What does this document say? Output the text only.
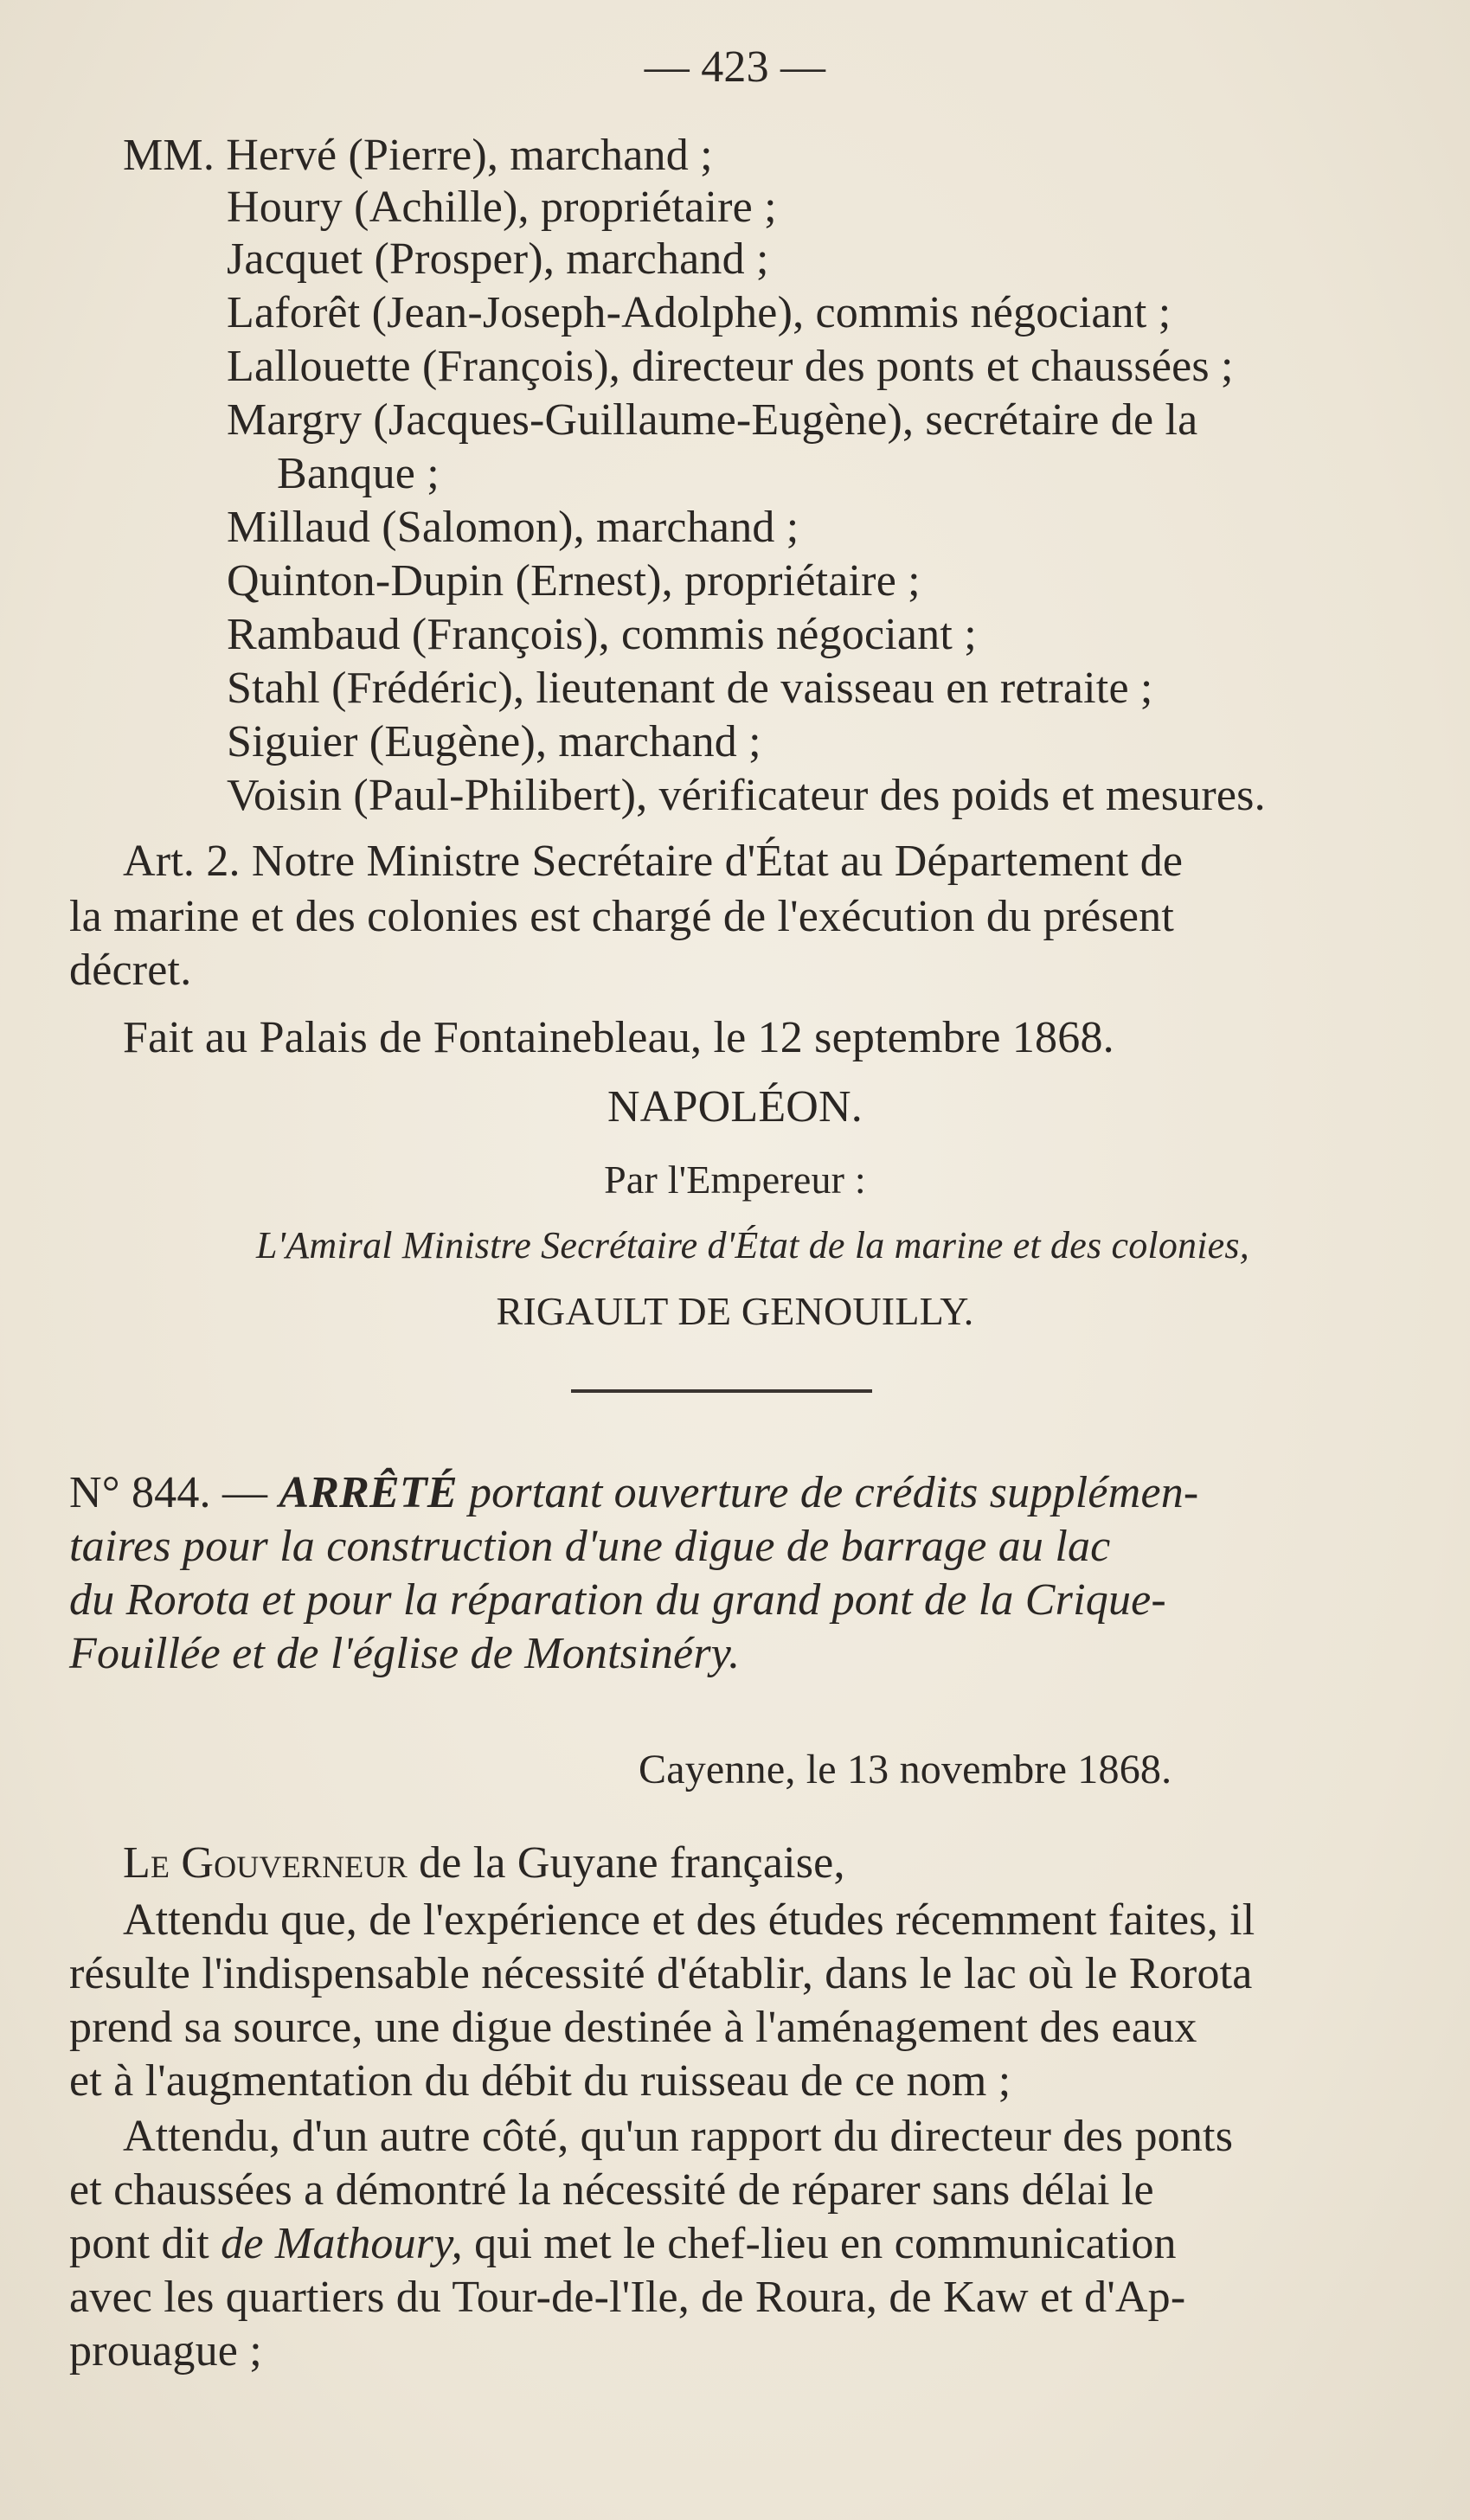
— 423 —
MM. Hervé (Pierre), marchand ;
Houry (Achille), propriétaire ;
Jacquet (Prosper), marchand ;
Laforêt (Jean-Joseph-Adolphe), commis négociant ;
Lallouette (François), directeur des ponts et chaussées ;
Margry (Jacques-Guillaume-Eugène), secrétaire de la
Banque ;
Millaud (Salomon), marchand ;
Quinton-Dupin (Ernest), propriétaire ;
Rambaud (François), commis négociant ;
Stahl (Frédéric), lieutenant de vaisseau en retraite ;
Siguier (Eugène), marchand ;
Voisin (Paul-Philibert), vérificateur des poids et mesures.
Art. 2. Notre Ministre Secrétaire d'État au Département de
la marine et des colonies est chargé de l'exécution du présent
décret.
Fait au Palais de Fontainebleau, le 12 septembre 1868.
NAPOLÉON.
Par l'Empereur :
L'Amiral Ministre Secrétaire d'État de la marine et des colonies,
RIGAULT DE GENOUILLY.
N° 844. — ARRÊTÉ portant ouverture de crédits supplémen-
taires pour la construction d'une digue de barrage au lac
du Rorota et pour la réparation du grand pont de la Crique-
Fouillée et de l'église de Montsinéry.
Cayenne, le 13 novembre 1868.
Le Gouverneur de la Guyane française,
Attendu que, de l'expérience et des études récemment faites, il
résulte l'indispensable nécessité d'établir, dans le lac où le Rorota
prend sa source, une digue destinée à l'aménagement des eaux
et à l'augmentation du débit du ruisseau de ce nom ;
Attendu, d'un autre côté, qu'un rapport du directeur des ponts
et chaussées a démontré la nécessité de réparer sans délai le
pont dit de Mathoury, qui met le chef-lieu en communication
avec les quartiers du Tour-de-l'Ile, de Roura, de Kaw et d'Ap-
prouague ;
